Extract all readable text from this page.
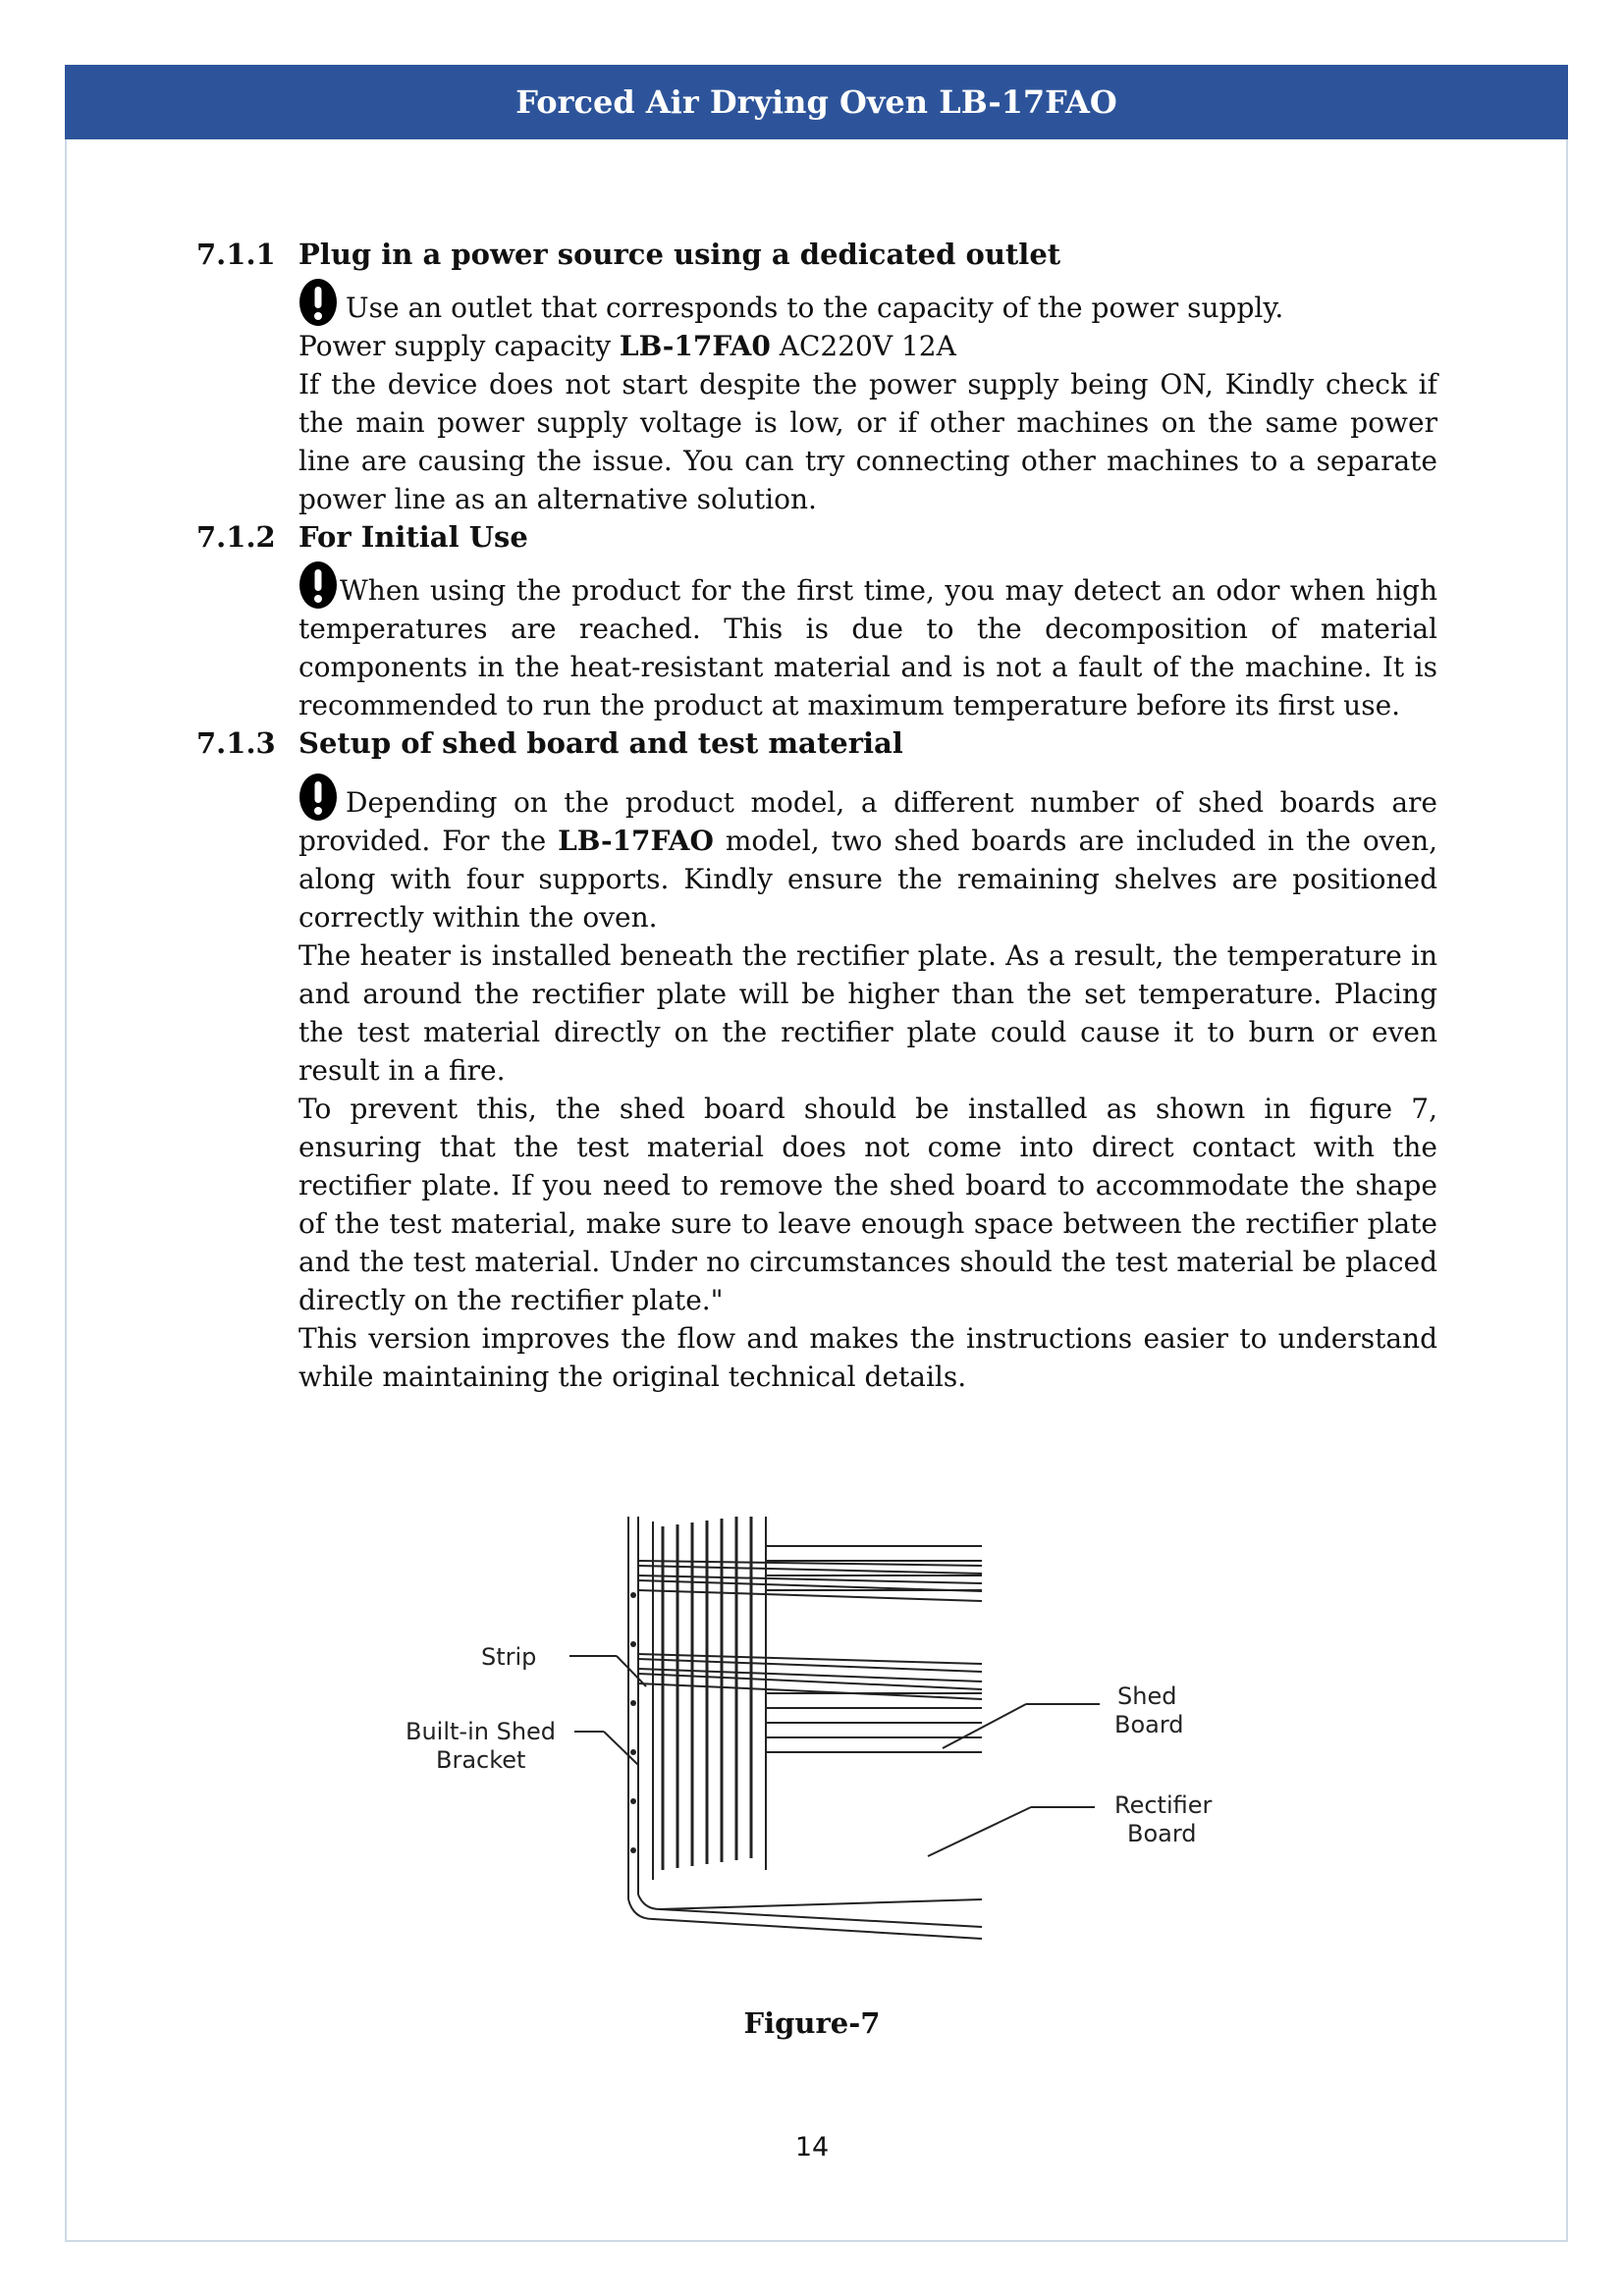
Forced Air Drying Oven LB-17FAO
7.1.1 Plug in a power source using a dedicated outlet
Use an outlet that corresponds to the capacity of the power supply.

Power supply capacity LB-17FA0 AC220V 12A

If the device does not start despite the power supply being ON, Kindly check if the main power supply voltage is low, or if other machines on the same power line are causing the issue. You can try connecting other machines to a separate power line as an alternative solution.

7.1.2 For Initial Use

When using the product for the first time, you may detect an odor when high temperatures are reached. This is due to the decomposition of material components in the heat-resistant material and is not a fault of the machine. It is recommended to run the product at maximum temperature before its first use.

7.1.3 Setup of shed board and test material

Depending on the product model, a different number of shed boards are provided. For the LB-17FAO model, two shed boards are included in the oven, along with four supports. Kindly ensure the remaining shelves are positioned correctly within the oven.

The heater is installed beneath the rectifier plate. As a result, the temperature in and around the rectifier plate will be higher than the set temperature. Placing the test material directly on the rectifier plate could cause it to burn or even result in a fire.

To prevent this, the shed board should be installed as shown in figure 7, ensuring that the test material does not come into direct contact with the rectifier plate. If you need to remove the shed board to accommodate the shape of the test material, make sure to leave enough space between the rectifier plate and the test material. Under no circumstances should the test material be placed directly on the rectifier plate."

This version improves the flow and makes the instructions easier to understand while maintaining the original technical details.

Strip
Built-in Shed
Bracket
Shed
Board
Rectifier
Board
Figure-7
14
